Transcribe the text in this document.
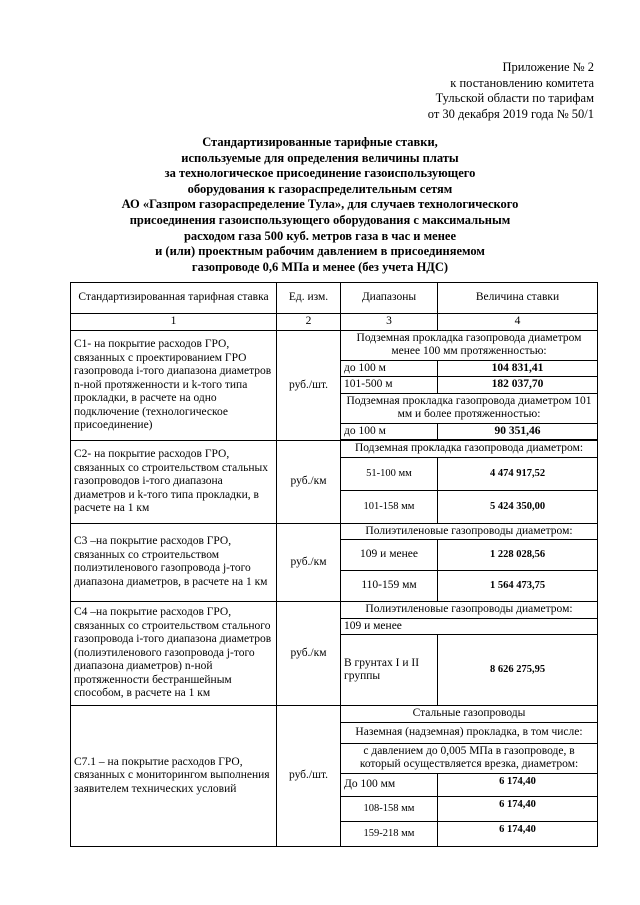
Приложение № 2
к постановлению комитета
Тульской области по тарифам
от 30 декабря 2019 года № 50/1
Стандартизированные тарифные ставки,
используемые для определения величины платы
за технологическое присоединение газоиспользующего
оборудования к газораспределительным сетям
АО «Газпром газораспределение Тула», для случаев технологического
присоединения газоиспользующего оборудования с максимальным
расходом газа 500 куб. метров газа в час и менее
и (или) проектным рабочим давлением в присоединяемом
газопроводе 0,6 МПа и менее (без учета НДС)
Стандартизированная тарифная ставка	Ед. изм.	Диапазоны	Величина ставки
1	2	3	4
С1- на покрытие расходов ГРО, связанных с проектированием ГРО газопровода i-того диапазона диаметров n-ной протяженности и k-того типа прокладки, в расчете на одно подключение (технологическое присоединение)	руб./шт.	Подземная прокладка газопровода диаметром менее 100 мм протяженностью:	
		до 100 м	104 831,41
		101-500 м	182 037,70
		Подземная прокладка газопровода диаметром 101 мм и более протяженностью:	
		до 100 м	90 351,46

С2- на покрытие расходов ГРО, связанных со строительством стальных газопроводов i-того диапазона диаметров и k-того типа прокладки, в расчете на 1 км	руб./км	Подземная прокладка газопровода диаметром:	
		51-100 мм	4 474 917,52
		101-158 мм	5 424 350,00
С3 –на покрытие расходов ГРО, связанных со строительством полиэтиленового газопровода j-того диапазона диаметров, в расчете на 1 км	руб./км	Полиэтиленовые газопроводы диаметром:	
		109 и менее	1 228 028,56
		110-159 мм	1 564 473,75
С4 –на покрытие расходов ГРО, связанных со строительством стального газопровода i-того диапазона диаметров (полиэтиленового газопровода j-того диапазона диаметров) n-ной протяженности бестраншейным способом, в расчете на 1 км	руб./км	Полиэтиленовые газопроводы диаметром:	
		109 и менее	
		В грунтах I и II группы	8 626 275,95
С7.1 – на покрытие расходов ГРО, связанных с мониторингом выполнения заявителем технических условий	руб./шт.	Стальные газопроводы	
		Наземная (надземная) прокладка, в том числе:	
		с давлением до 0,005 МПа в газопроводе, в который осуществляется врезка, диаметром:	
		До 100 мм	6 174,40
		108-158 мм	6 174,40
		159-218 мм	6 174,40
